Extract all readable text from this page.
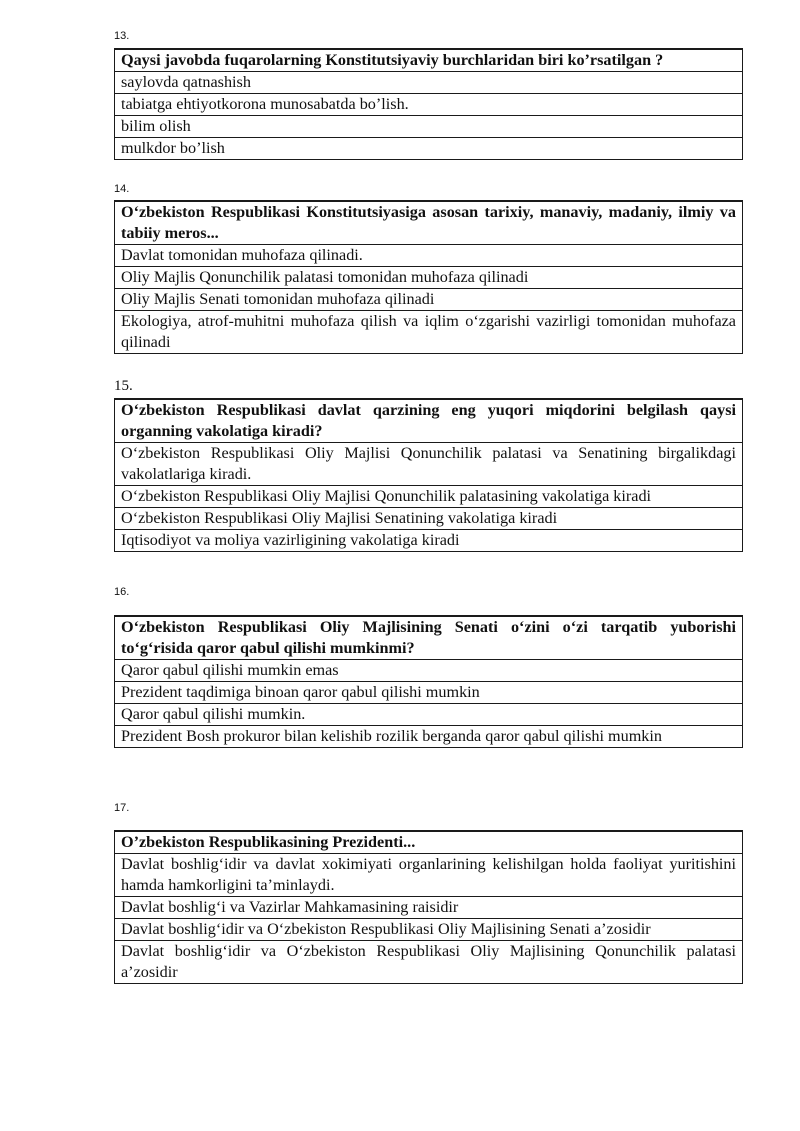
13.
Qaysi javobda fuqarolarning Konstitutsiyaviy burchlaridan biri ko’rsatilgan ?
saylovda qatnashish
tabiatga ehtiyotkorona munosabatda bo’lish.
bilim olish
mulkdor bo’lish
14.
O‘zbekiston Respublikasi Konstitutsiyasiga asosan tarixiy, manaviy, madaniy, ilmiy va tabiiy meros...
Davlat tomonidan muhofaza qilinadi.
Oliy Majlis Qonunchilik palatasi tomonidan muhofaza qilinadi
Oliy Majlis Senati tomonidan muhofaza qilinadi
Ekologiya, atrof-muhitni muhofaza qilish va iqlim o‘zgarishi vazirligi tomonidan muhofaza qilinadi
15.
O‘zbekiston Respublikasi davlat qarzining eng yuqori miqdorini belgilash qaysi organning vakolatiga kiradi?
O‘zbekiston Respublikasi Oliy Majlisi Qonunchilik palatasi va Senatining birgalikdagi vakolatlariga kiradi.
O‘zbekiston Respublikasi Oliy Majlisi Qonunchilik palatasining vakolatiga kiradi
O‘zbekiston Respublikasi Oliy Majlisi Senatining vakolatiga kiradi
Iqtisodiyot va moliya vazirligining vakolatiga kiradi
16.
O‘zbekiston Respublikasi Oliy Majlisining Senati o‘zini o‘zi tarqatib yuborishi to‘g‘risida qaror qabul qilishi mumkinmi?
Qaror qabul qilishi mumkin emas
Prezident taqdimiga binoan qaror qabul qilishi mumkin
Qaror qabul qilishi mumkin.
Prezident Bosh prokuror bilan kelishib rozilik berganda qaror qabul qilishi mumkin
17.
O’zbekiston Respublikasining Prezidenti...
Davlat boshlig‘idir va davlat xokimiyati organlarining kelishilgan holda faoliyat yuritishini hamda hamkorligini ta’minlaydi.
Davlat boshlig‘i va Vazirlar Mahkamasining raisidir
Davlat boshlig‘idir va O‘zbekiston Respublikasi Oliy Majlisining Senati a’zosidir
Davlat boshlig‘idir va O‘zbekiston Respublikasi Oliy Majlisining Qonunchilik palatasi a’zosidir
